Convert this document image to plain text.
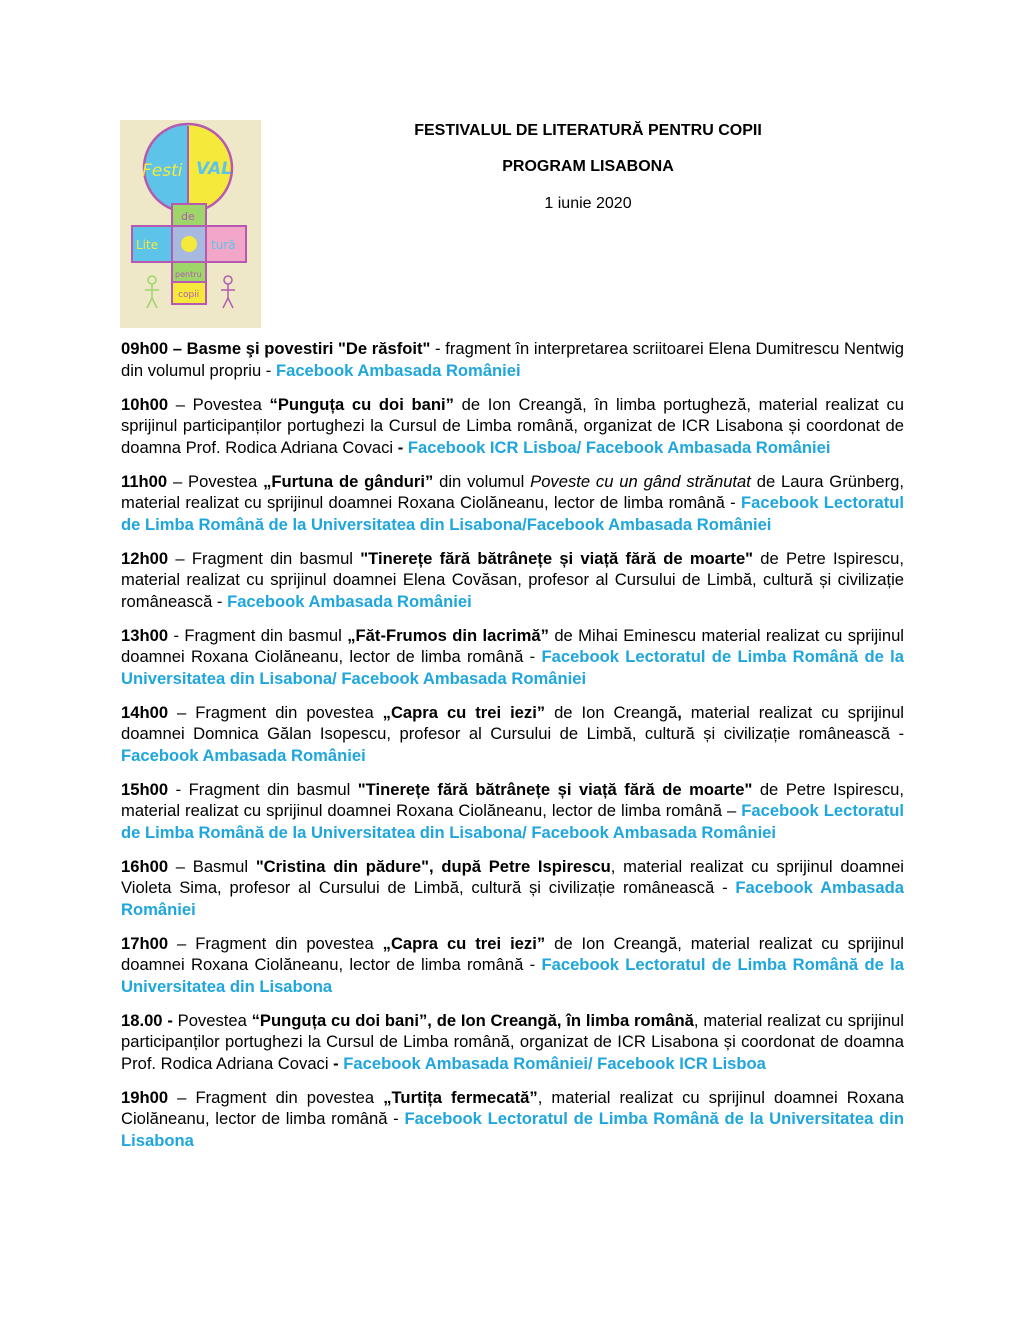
Festi VAL
de
Lite	tură
pentru
copii
FESTIVALUL DE LITERATURĂ PENTRU COPII
PROGRAM LISABONA
1 iunie 2020

09h00 – Basme şi povestiri "De răsfoit" - fragment în interpretarea scriitoarei Elena Dumitrescu Nentwig din volumul propriu - Facebook Ambasada României

10h00 – Povestea “Punguța cu doi bani” de Ion Creangă, în limba portugheză, material realizat cu sprijinul participanților portughezi la Cursul de Limba română, organizat de ICR Lisabona și coordonat de doamna Prof. Rodica Adriana Covaci - Facebook ICR Lisboa/ Facebook Ambasada României

11h00 – Povestea „Furtuna de gânduri” din volumul Poveste cu un gând strănutat de Laura Grünberg, material realizat cu sprijinul doamnei Roxana Ciolăneanu, lector de limba română - Facebook Lectoratul de Limba Română de la Universitatea din Lisabona/Facebook Ambasada României

12h00 – Fragment din basmul "Tinerețe fără bătrânețe și viață fără de moarte" de Petre Ispirescu, material realizat cu sprijinul doamnei Elena Covăsan, profesor al Cursului de Limbă, cultură și civilizație românească - Facebook Ambasada României

13h00 - Fragment din basmul „Făt-Frumos din lacrimă” de Mihai Eminescu material realizat cu sprijinul doamnei Roxana Ciolăneanu, lector de limba română - Facebook Lectoratul de Limba Română de la Universitatea din Lisabona/ Facebook Ambasada României

14h00 – Fragment din povestea „Capra cu trei iezi” de Ion Creangă, material realizat cu sprijinul doamnei Domnica Gălan Isopescu, profesor al Cursului de Limbă, cultură și civilizație românească - Facebook Ambasada României

15h00 - Fragment din basmul "Tinerețe fără bătrânețe și viață fără de moarte" de Petre Ispirescu, material realizat cu sprijinul doamnei Roxana Ciolăneanu, lector de limba română – Facebook Lectoratul de Limba Română de la Universitatea din Lisabona/ Facebook Ambasada României

16h00 – Basmul "Cristina din pădure", după Petre Ispirescu, material realizat cu sprijinul doamnei Violeta Sima, profesor al Cursului de Limbă, cultură și civilizație românească - Facebook Ambasada României

17h00 – Fragment din povestea „Capra cu trei iezi” de Ion Creangă, material realizat cu sprijinul doamnei Roxana Ciolăneanu, lector de limba română - Facebook Lectoratul de Limba Română de la Universitatea din Lisabona

18.00 - Povestea “Punguța cu doi bani”, de Ion Creangă, în limba română, material realizat cu sprijinul participanților portughezi la Cursul de Limba română, organizat de ICR Lisabona și coordonat de doamna Prof. Rodica Adriana Covaci - Facebook Ambasada României/ Facebook ICR Lisboa

19h00 – Fragment din povestea „Turtița fermecată”, material realizat cu sprijinul doamnei Roxana Ciolăneanu, lector de limba română - Facebook Lectoratul de Limba Română de la Universitatea din Lisabona
